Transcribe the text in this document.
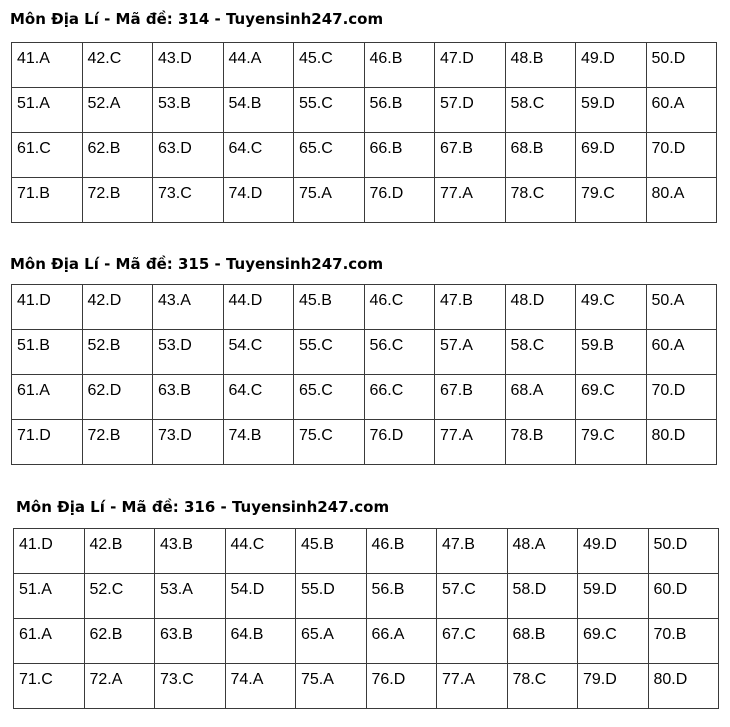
Môn Địa Lí - Mã đề: 314 - Tuyensinh247.com
41.A	42.C	43.D	44.A	45.C	46.B	47.D	48.B	49.D	50.D

51.A	52.A	53.B	54.B	55.C	56.B	57.D	58.C	59.D	60.A

61.C	62.B	63.D	64.C	65.C	66.B	67.B	68.B	69.D	70.D

71.B	72.B	73.C	74.D	75.A	76.D	77.A	78.C	79.C	80.A
Môn Địa Lí - Mã đề: 315 - Tuyensinh247.com
41.D	42.D	43.A	44.D	45.B	46.C	47.B	48.D	49.C	50.A

51.B	52.B	53.D	54.C	55.C	56.C	57.A	58.C	59.B	60.A

61.A	62.D	63.B	64.C	65.C	66.C	67.B	68.A	69.C	70.D

71.D	72.B	73.D	74.B	75.C	76.D	77.A	78.B	79.C	80.D
Môn Địa Lí - Mã đề: 316 - Tuyensinh247.com
41.D	42.B	43.B	44.C	45.B	46.B	47.B	48.A	49.D	50.D

51.A	52.C	53.A	54.D	55.D	56.B	57.C	58.D	59.D	60.D

61.A	62.B	63.B	64.B	65.A	66.A	67.C	68.B	69.C	70.B

71.C	72.A	73.C	74.A	75.A	76.D	77.A	78.C	79.D	80.D
